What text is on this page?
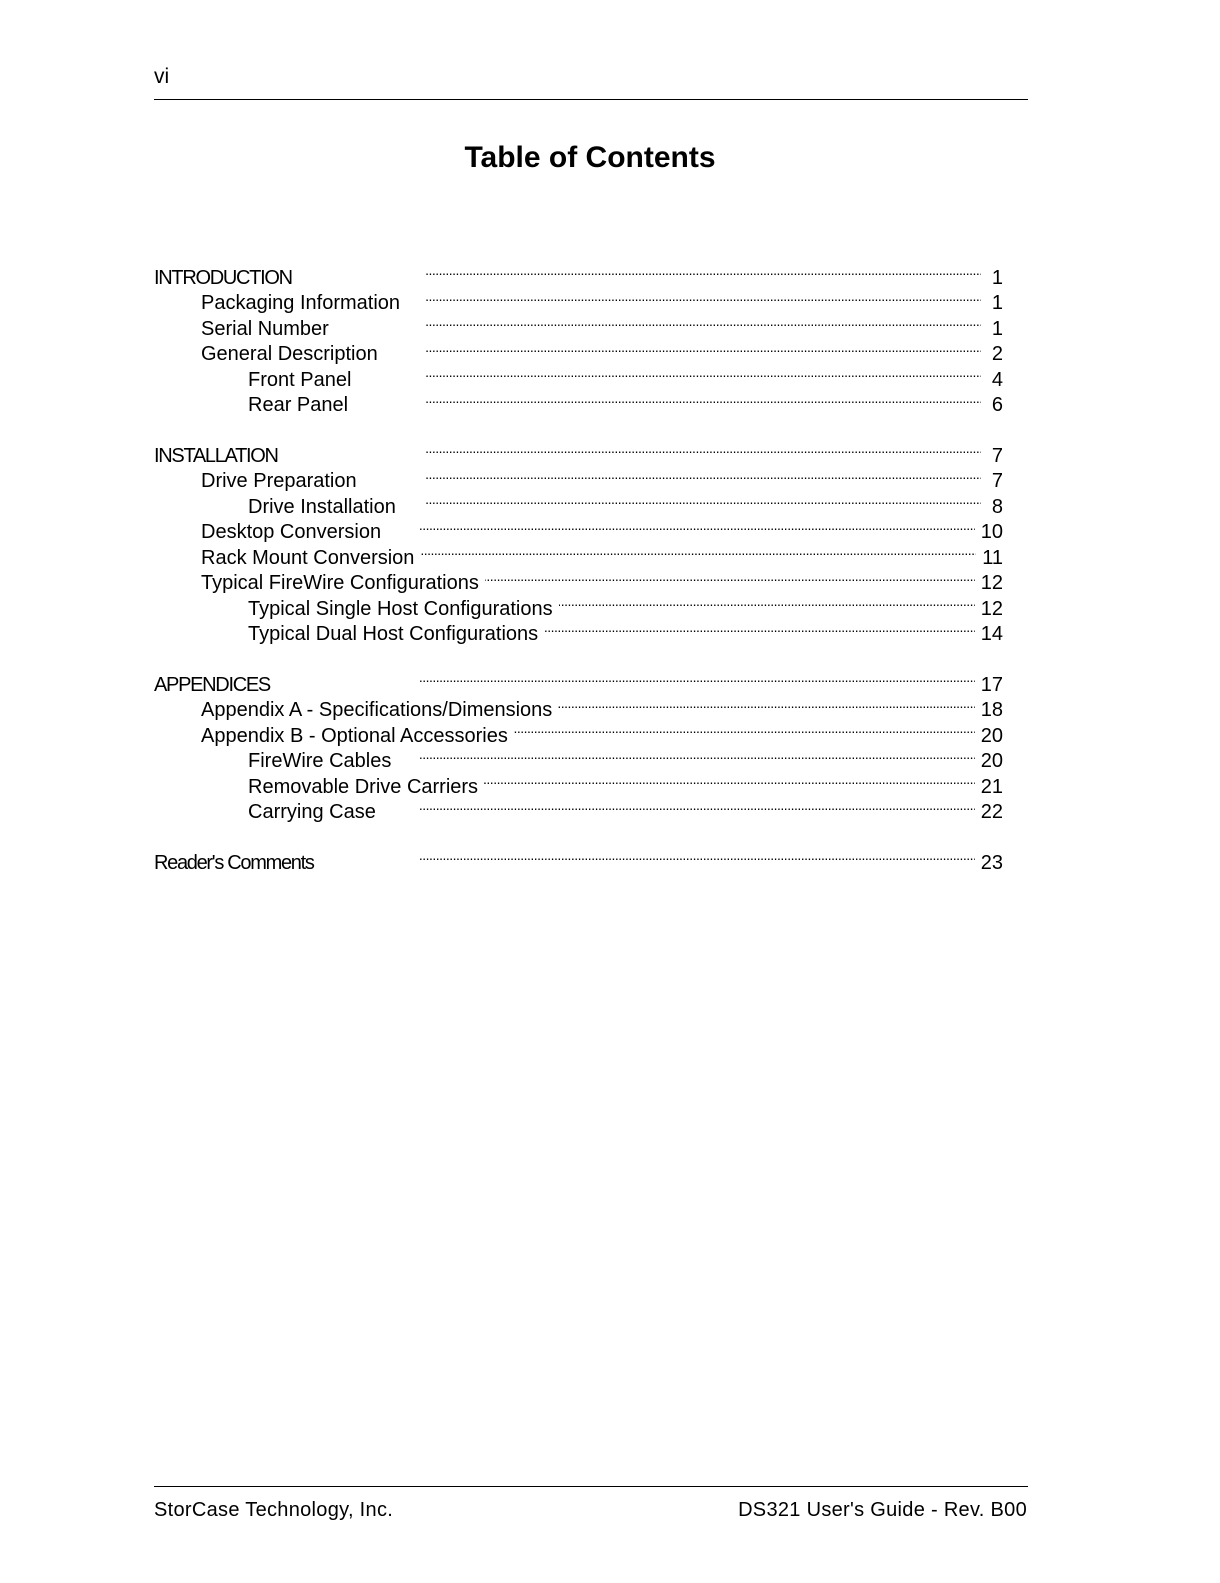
vi
Table of Contents
INTRODUCTION . . .	1
Packaging Information . . .	1
Serial Number . . .	1
General Description . . .	2
Front Panel . . .	4
Rear Panel . . .	6
INSTALLATION . . .	7
Drive Preparation . . .	7
Drive Installation . . .	8
Desktop Conversion . . .	10
Rack Mount Conversion . . .	11
Typical FireWire Configurations . . .	12
Typical Single Host Configurations . . .	12
Typical Dual Host Configurations . . .	14
APPENDICES . . .	17
Appendix A - Specifications/Dimensions . . .	18
Appendix B - Optional Accessories . . .	20
FireWire Cables . . .	20
Removable Drive Carriers . . .	21
Carrying Case . . .	22
Reader's Comments . . .	23
StorCase Technology, Inc.	DS321 User's Guide - Rev. B00
